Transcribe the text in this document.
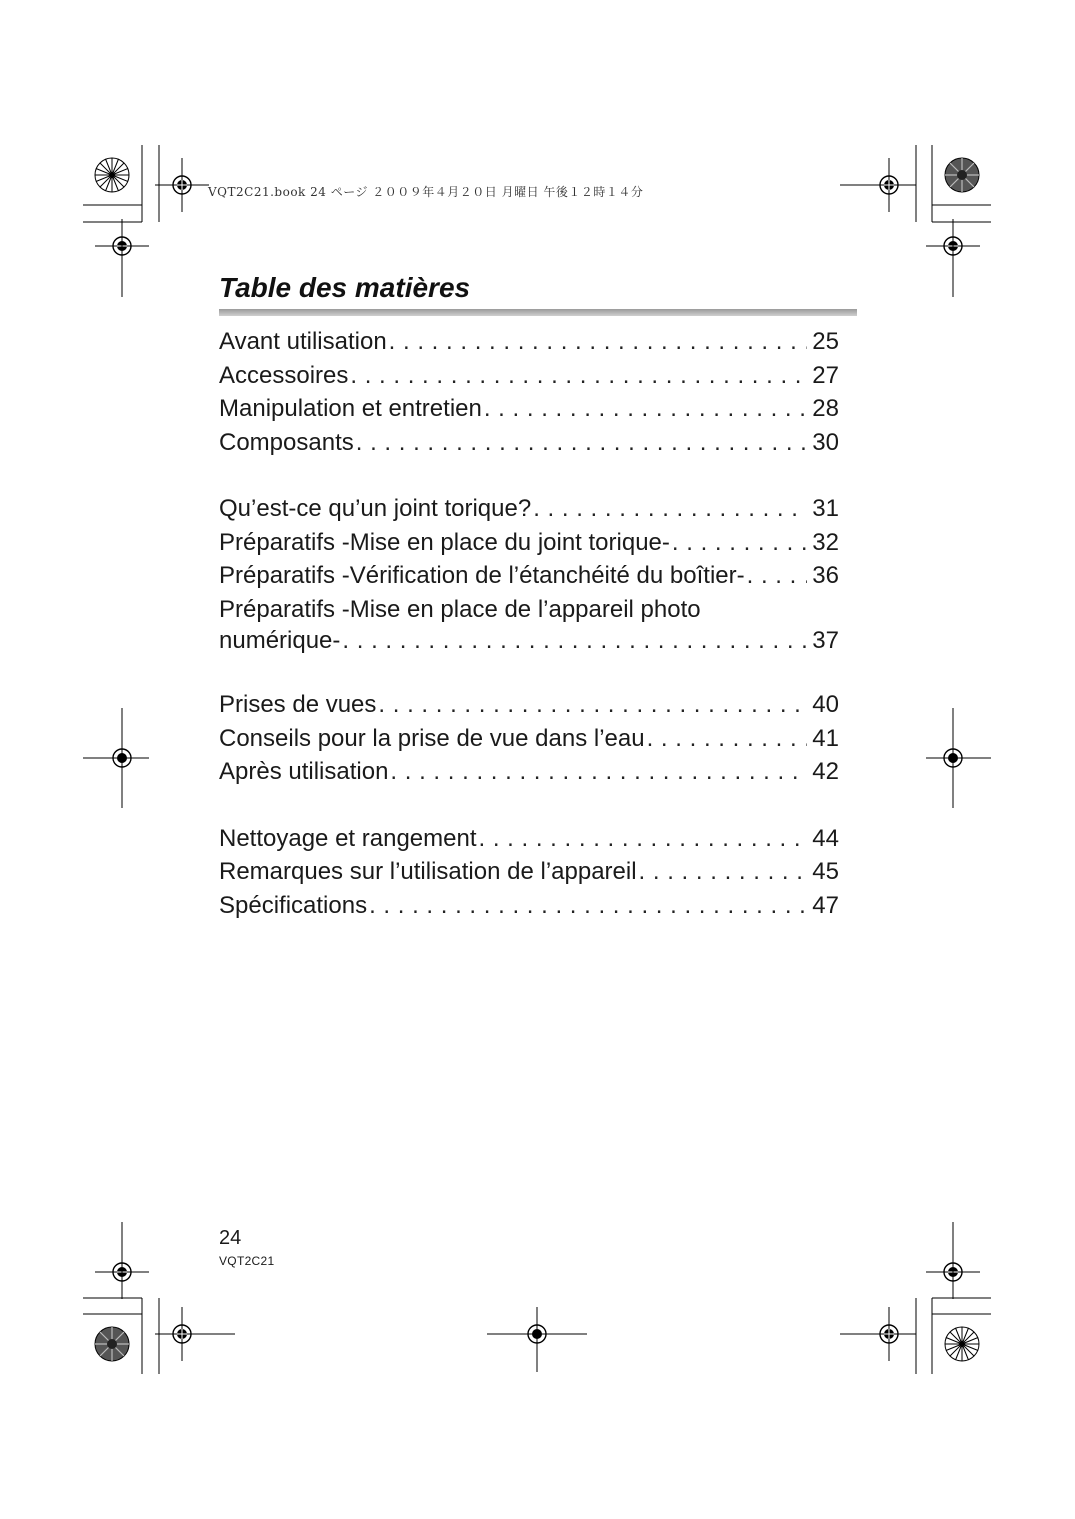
VQT2C21.book 24 ページ ２００９年４月２０日 月曜日 午後１２時１４分
Table des matières
Avant utilisation . . .	25
Accessoires . . .	27
Manipulation et entretien . . .	28
Composants . . .	30
Qu’est-ce qu’un joint torique? . . .	31
Préparatifs -Mise en place du joint torique- . . .	32
Préparatifs -Vérification de l’étanchéité du boîtier- . . .	36
Préparatifs -Mise en place de l’appareil photo
numérique- . . .	37
Prises de vues . . .	40
Conseils pour la prise de vue dans l’eau . . .	41
Après utilisation . . .	42
Nettoyage et rangement . . .	44
Remarques sur l’utilisation de l’appareil . . .	45
Spécifications . . .	47
24
VQT2C21
